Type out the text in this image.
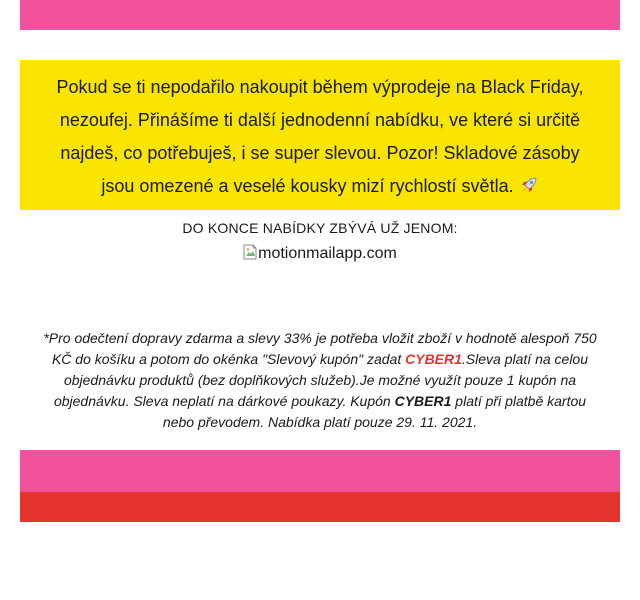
Pokud se ti nepodařilo nakoupit během výprodeje na Black Friday, nezoufej. Přinášíme ti další jednodenní nabídku, ve které si určitě najdeš, co potřebuješ, i se super slevou. Pozor! Skladové zásoby jsou omezené a veselé kousky mizí rychlostí světla.
DO KONCE NABÍDKY ZBÝVÁ UŽ JENOM:
motionmailapp.com
*Pro odečtení dopravy zdarma a slevy 33% je potřeba vložit zboží v hodnotě alespoň 750 KČ do košíku a potom do okénka "Slevový kupón" zadat CYBER1.Sleva platí na celou objednávku produktů (bez doplňkových služeb).Je možné využít pouze 1 kupón na objednávku. Sleva neplatí na dárkové poukazy. Kupón CYBER1 platí při platbě kartou nebo převodem. Nabídka platí pouze 29. 11. 2021.
